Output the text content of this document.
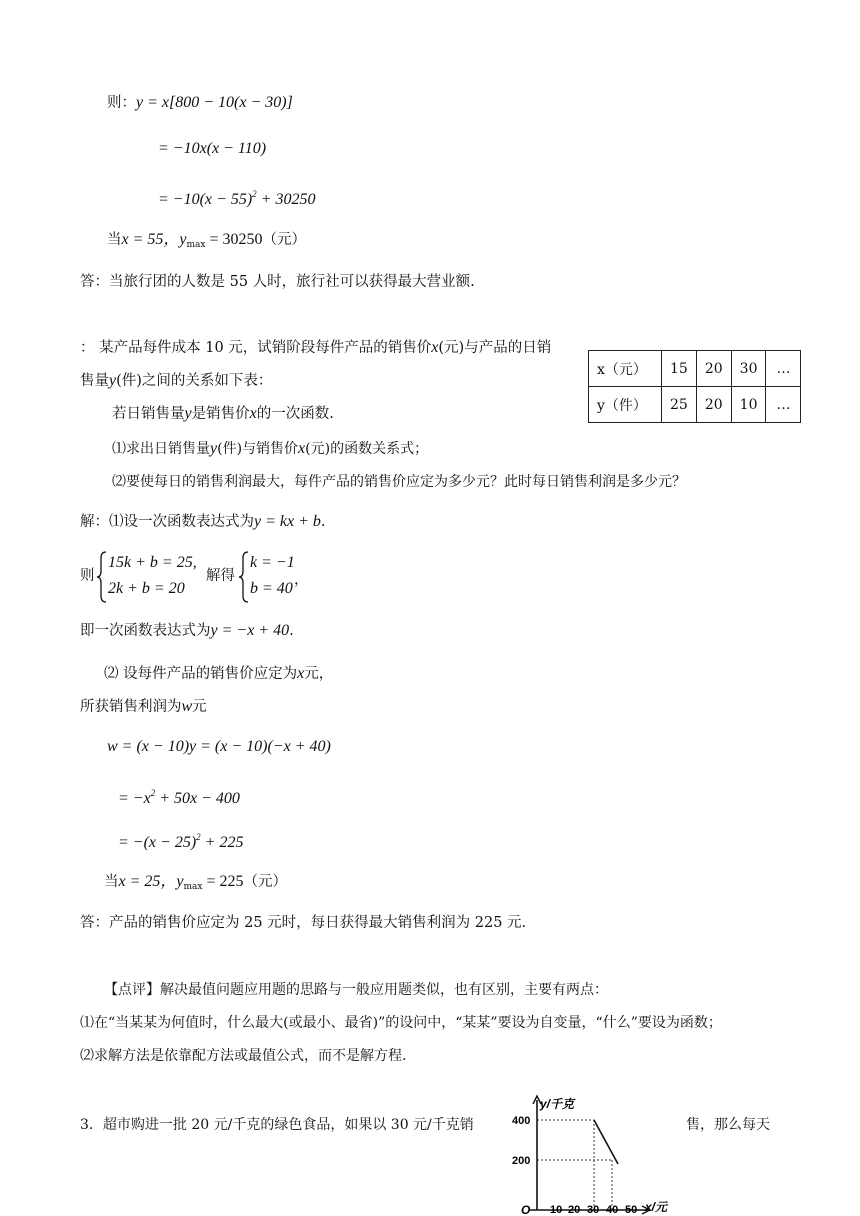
则：y = x[800 − 10(x − 30)]
= −10x(x − 110)
= $-10(x - 55)^2 + 30250$
当x = 55，$y_{max} = 30250$（元）
答：当旅行团的人数是 55 人时，旅行社可以获得最大营业额.
： 某产品每件成本 10 元，试销阶段每件产品的销售价x(元)与产品的日销
售量y(件)之间的关系如下表：
若日销售量y是销售价x的一次函数.
⑴求出日销售量y(件)与销售价x(元)的函数关系式；
⑵要使每日的销售利润最大，每件产品的销售价应定为多少元？此时每日销售利润是多少元？
x（元）	15	20	30	…
y（件）	25	20	10	…
解：⑴设一次函数表达式为y = kx + b.
则
15k + b = 25,
2k + b = 20
解得
k = −1
b = 40 ，
即一次函数表达式为y = −x + 40.
⑵ 设每件产品的销售价应定为x元，
所获销售利润为w元
w = (x − 10)y = (x − 10)(−x + 40)
= $-x^2 + 50x - 400$
= $-(x - 25)^2 + 225$
当x = 25，$y_{max} = 225$（元）
答：产品的销售价应定为 25 元时，每日获得最大销售利润为 225 元.
【点评】解决最值问题应用题的思路与一般应用题类似，也有区别，主要有两点：
⑴在“当某某为何值时，什么最大(或最小、最省)”的设问中，“某某”要设为自变量，“什么”要设为函数；
⑵求解方法是依靠配方法或最值公式，而不是解方程.
3．超市购进一批 20 元/千克的绿色食品，如果以 30 元/千克销	售，那么每天
y/千克
x/元
400
200
O 10 20 30 40 50
